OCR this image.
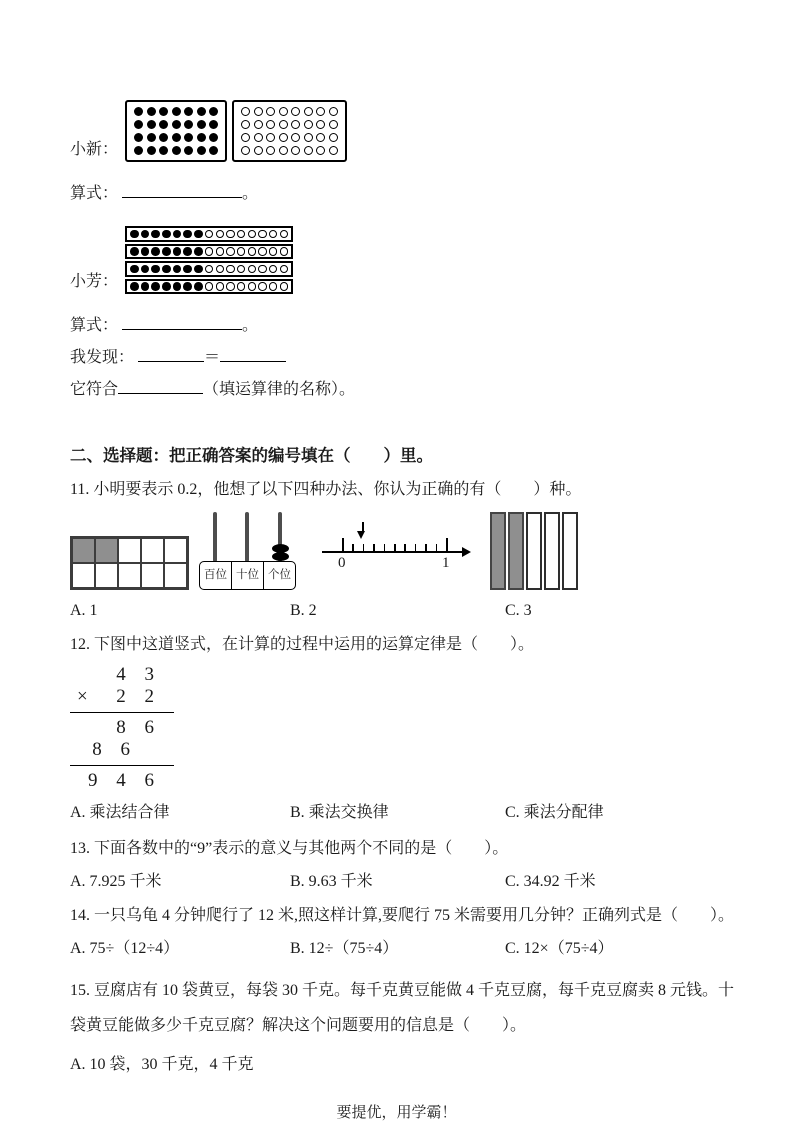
小新：

算式：	。

小芳：

算式：	。

我发现：	＝

它符合	（填运算律的名称）。

二、选择题：把正确答案的编号填在（　　）里。

11. 小明要表示 0.2，他想了以下四种办法、你认为正确的有（　　）种。

百位 十位 个位
0	1

A. 1	B. 2	C. 3

12. 下图中这道竖式，在计算的过程中运用的运算定律是（　　）。

4 3
× 2 2
8 6
8 6
9 4 6

A. 乘法结合律	B. 乘法交换律	C. 乘法分配律

13. 下面各数中的“9”表示的意义与其他两个不同的是（　　）。

A. 7.925 千米	B. 9.63 千米	C. 34.92 千米

14. 一只乌龟 4 分钟爬行了 12 米,照这样计算,要爬行 75 米需要用几分钟？正确列式是（　　）。

A. 75÷（12÷4）	B. 12÷（75÷4）	C. 12×（75÷4）

15. 豆腐店有 10 袋黄豆，每袋 30 千克。每千克黄豆能做 4 千克豆腐，每千克豆腐卖 8 元钱。十袋黄豆能做多少千克豆腐？解决这个问题要用的信息是（　　）。

A. 10 袋，30 千克，4 千克

要提优，用学霸！
